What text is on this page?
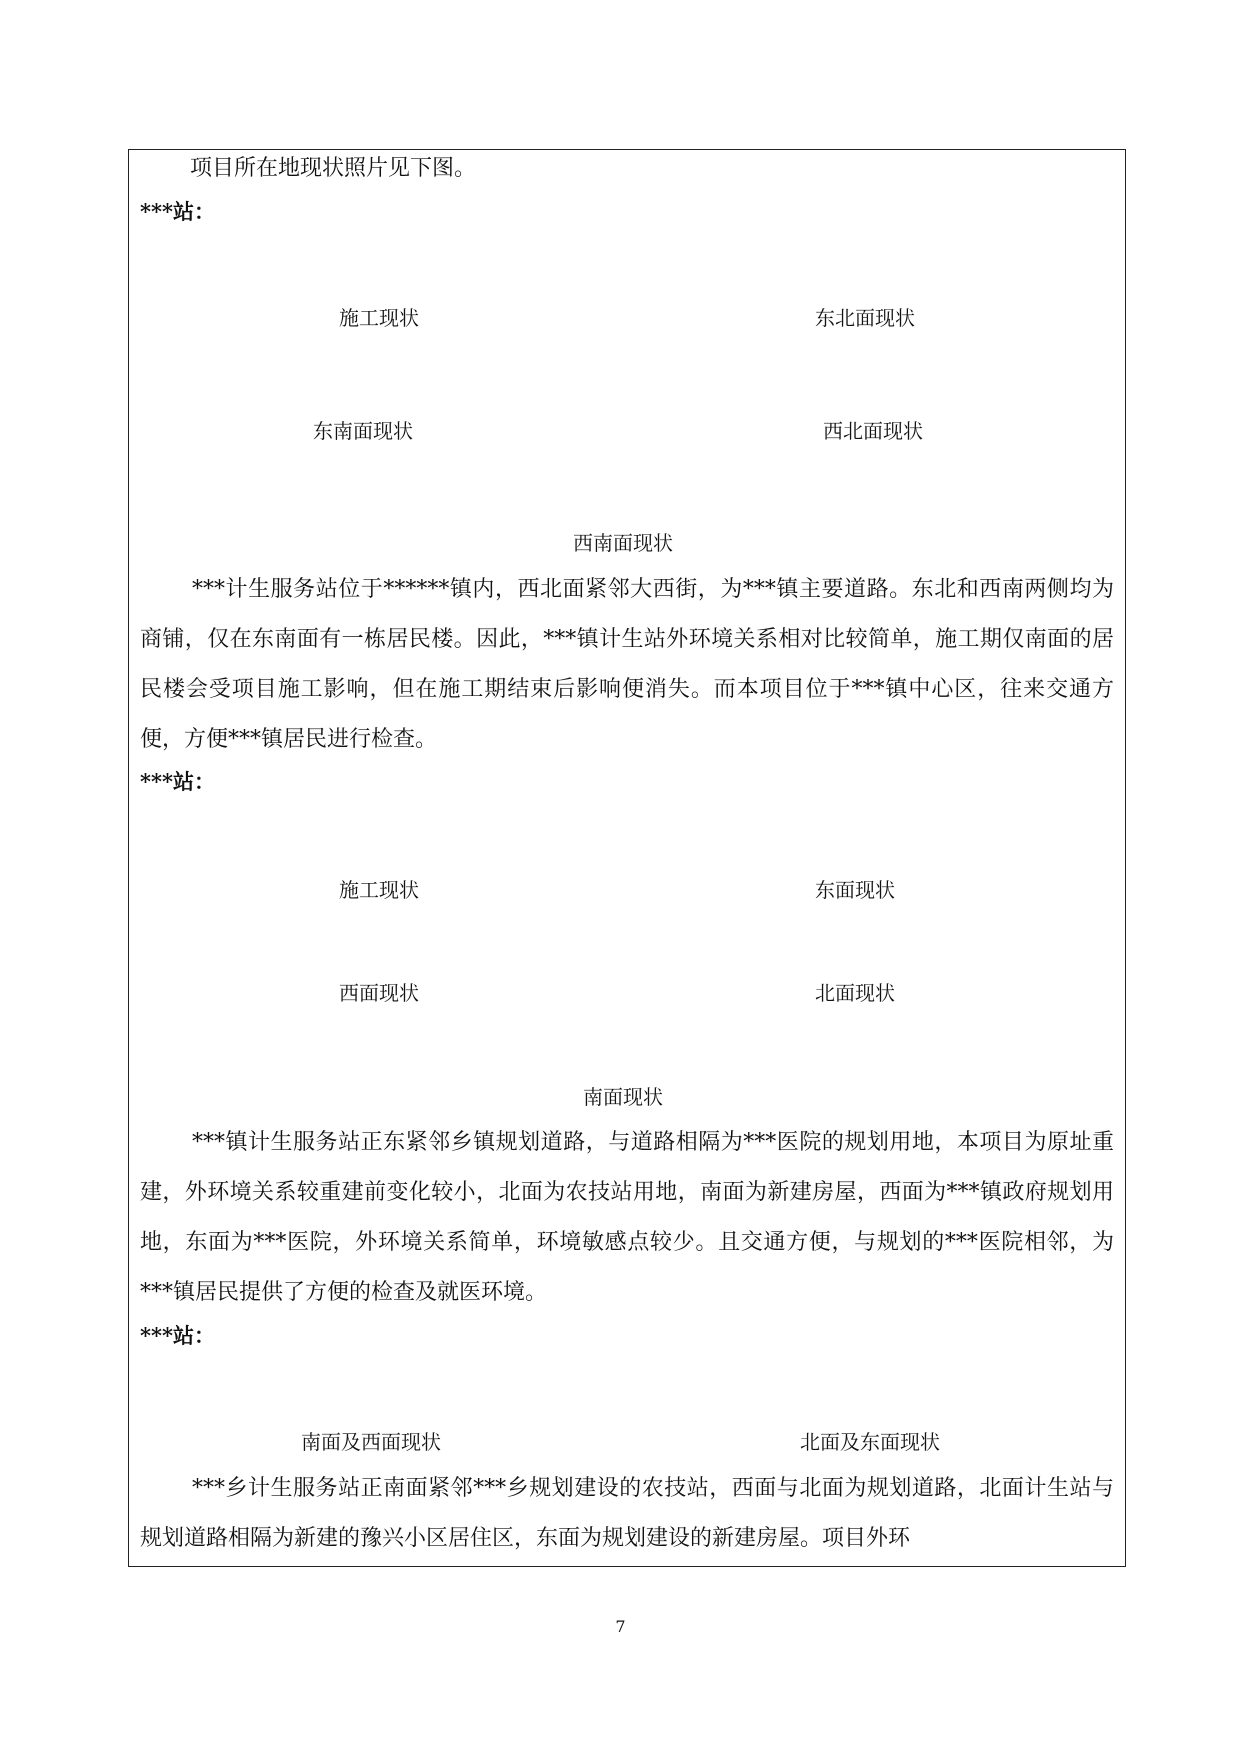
项目所在地现状照片见下图。

***站：

施工现状	东北面现状

东南面现状	西北面现状

西南面现状

***计生服务站位于******镇内，西北面紧邻大西街，为***镇主要道路。东北和西南两侧均为商铺，仅在东南面有一栋居民楼。因此，***镇计生站外环境关系相对比较简单，施工期仅南面的居民楼会受项目施工影响，但在施工期结束后影响便消失。而本项目位于***镇中心区，往来交通方便，方便***镇居民进行检查。

***站：

施工现状	东面现状

西面现状	北面现状

南面现状

***镇计生服务站正东紧邻乡镇规划道路，与道路相隔为***医院的规划用地，本项目为原址重建，外环境关系较重建前变化较小，北面为农技站用地，南面为新建房屋，西面为***镇政府规划用地，东面为***医院，外环境关系简单，环境敏感点较少。且交通方便，与规划的***医院相邻，为***镇居民提供了方便的检查及就医环境。

***站：

南面及西面现状	北面及东面现状

***乡计生服务站正南面紧邻***乡规划建设的农技站，西面与北面为规划道路，北面计生站与规划道路相隔为新建的豫兴小区居住区，东面为规划建设的新建房屋。项目外环

7
